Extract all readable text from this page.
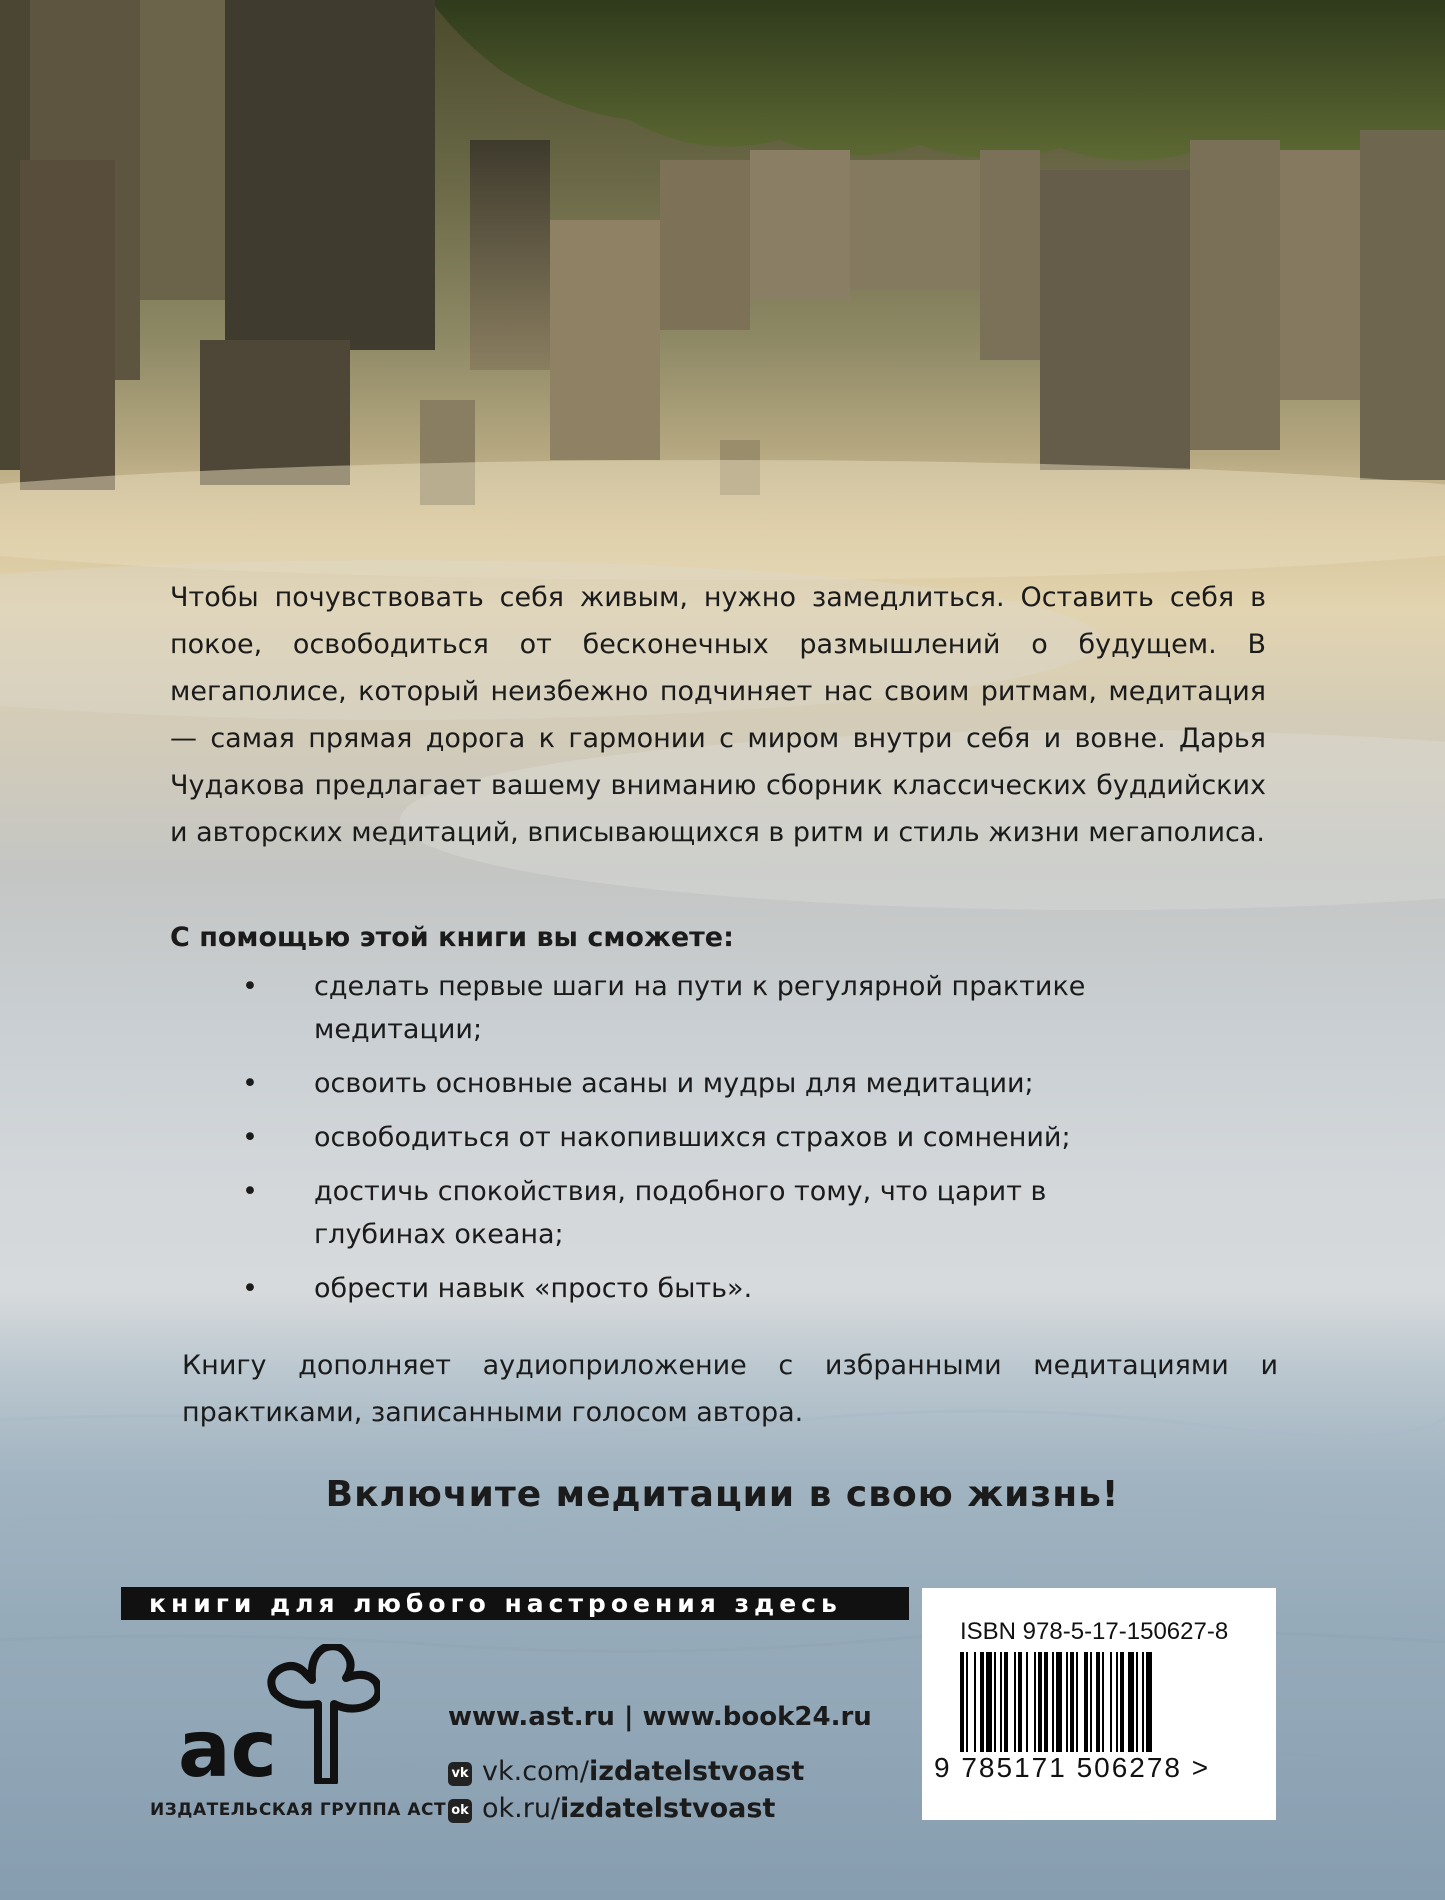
Чтобы почувствовать себя живым, нужно замедлиться. Оставить себя в покое, освободиться от бесконечных размышлений о будущем. В мегаполисе, который неизбежно подчиняет нас своим ритмам, медитация — самая прямая дорога к гармонии с миром внутри себя и вовне. Дарья Чудакова предлагает вашему вниманию сборник классических буддийских и авторских медитаций, вписывающихся в ритм и стиль жизни мегаполиса.

С помощью этой книги вы сможете:

• сделать первые шаги на пути к регулярной практике медитации;
• освоить основные асаны и мудры для медитации;
• освободиться от накопившихся страхов и сомнений;
• достичь спокойствия, подобного тому, что царит в глубинах океана;
• обрести навык «просто быть».

Книгу дополняет аудиоприложение с избранными медитациями и практиками, записанными голосом автора.

Включите медитации в свою жизнь!

книги для любого настроения здесь
ac
ИЗДАТЕЛЬСКАЯ ГРУППА АСТ
www.ast.ru | www.book24.ru
vk vk.com/izdatelstvoast
ok ok.ru/izdatelstvoast
ISBN 978-5-17-150627-8
9 785171 506278 >
